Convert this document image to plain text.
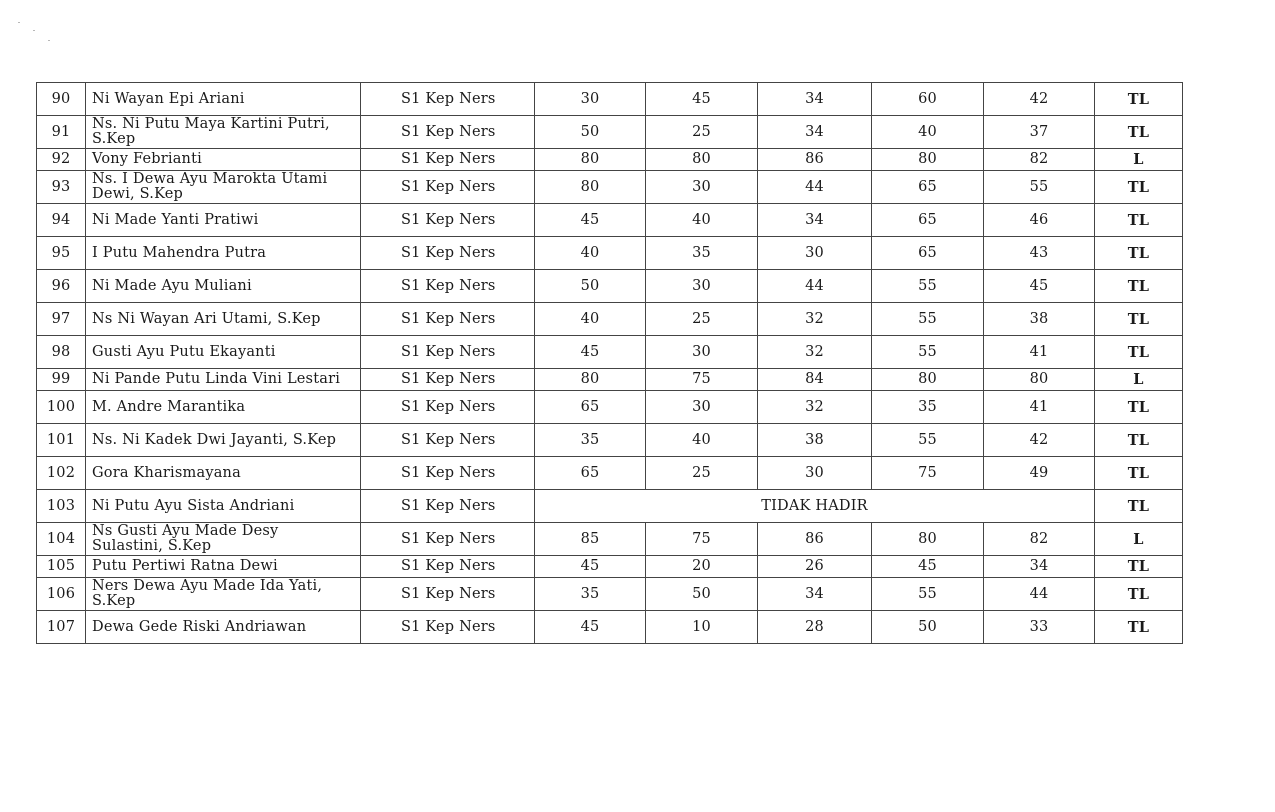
90	Ni Wayan Epi Ariani	S1 Kep Ners	30	45	34	60	42	TL
91	Ns. Ni Putu Maya Kartini Putri, S.Kep	S1 Kep Ners	50	25	34	40	37	TL
92	Vony Febrianti	S1 Kep Ners	80	80	86	80	82	L
93	Ns. I Dewa Ayu Marokta Utami Dewi, S.Kep	S1 Kep Ners	80	30	44	65	55	TL
94	Ni Made Yanti Pratiwi	S1 Kep Ners	45	40	34	65	46	TL
95	I Putu Mahendra Putra	S1 Kep Ners	40	35	30	65	43	TL
96	Ni Made Ayu Muliani	S1 Kep Ners	50	30	44	55	45	TL
97	Ns Ni Wayan Ari Utami, S.Kep	S1 Kep Ners	40	25	32	55	38	TL
98	Gusti Ayu Putu Ekayanti	S1 Kep Ners	45	30	32	55	41	TL
99	Ni Pande Putu Linda Vini Lestari	S1 Kep Ners	80	75	84	80	80	L
100	M. Andre Marantika	S1 Kep Ners	65	30	32	35	41	TL
101	Ns. Ni Kadek Dwi Jayanti, S.Kep	S1 Kep Ners	35	40	38	55	42	TL
102	Gora Kharismayana	S1 Kep Ners	65	25	30	75	49	TL
103	Ni Putu Ayu Sista Andriani	S1 Kep Ners	TIDAK HADIR					TL
104	Ns Gusti Ayu Made Desy Sulastini, S.Kep	S1 Kep Ners	85	75	86	80	82	L
105	Putu Pertiwi Ratna Dewi	S1 Kep Ners	45	20	26	45	34	TL
106	Ners Dewa Ayu Made Ida Yati, S.Kep	S1 Kep Ners	35	50	34	55	44	TL
107	Dewa Gede Riski Andriawan	S1 Kep Ners	45	10	28	50	33	TL
